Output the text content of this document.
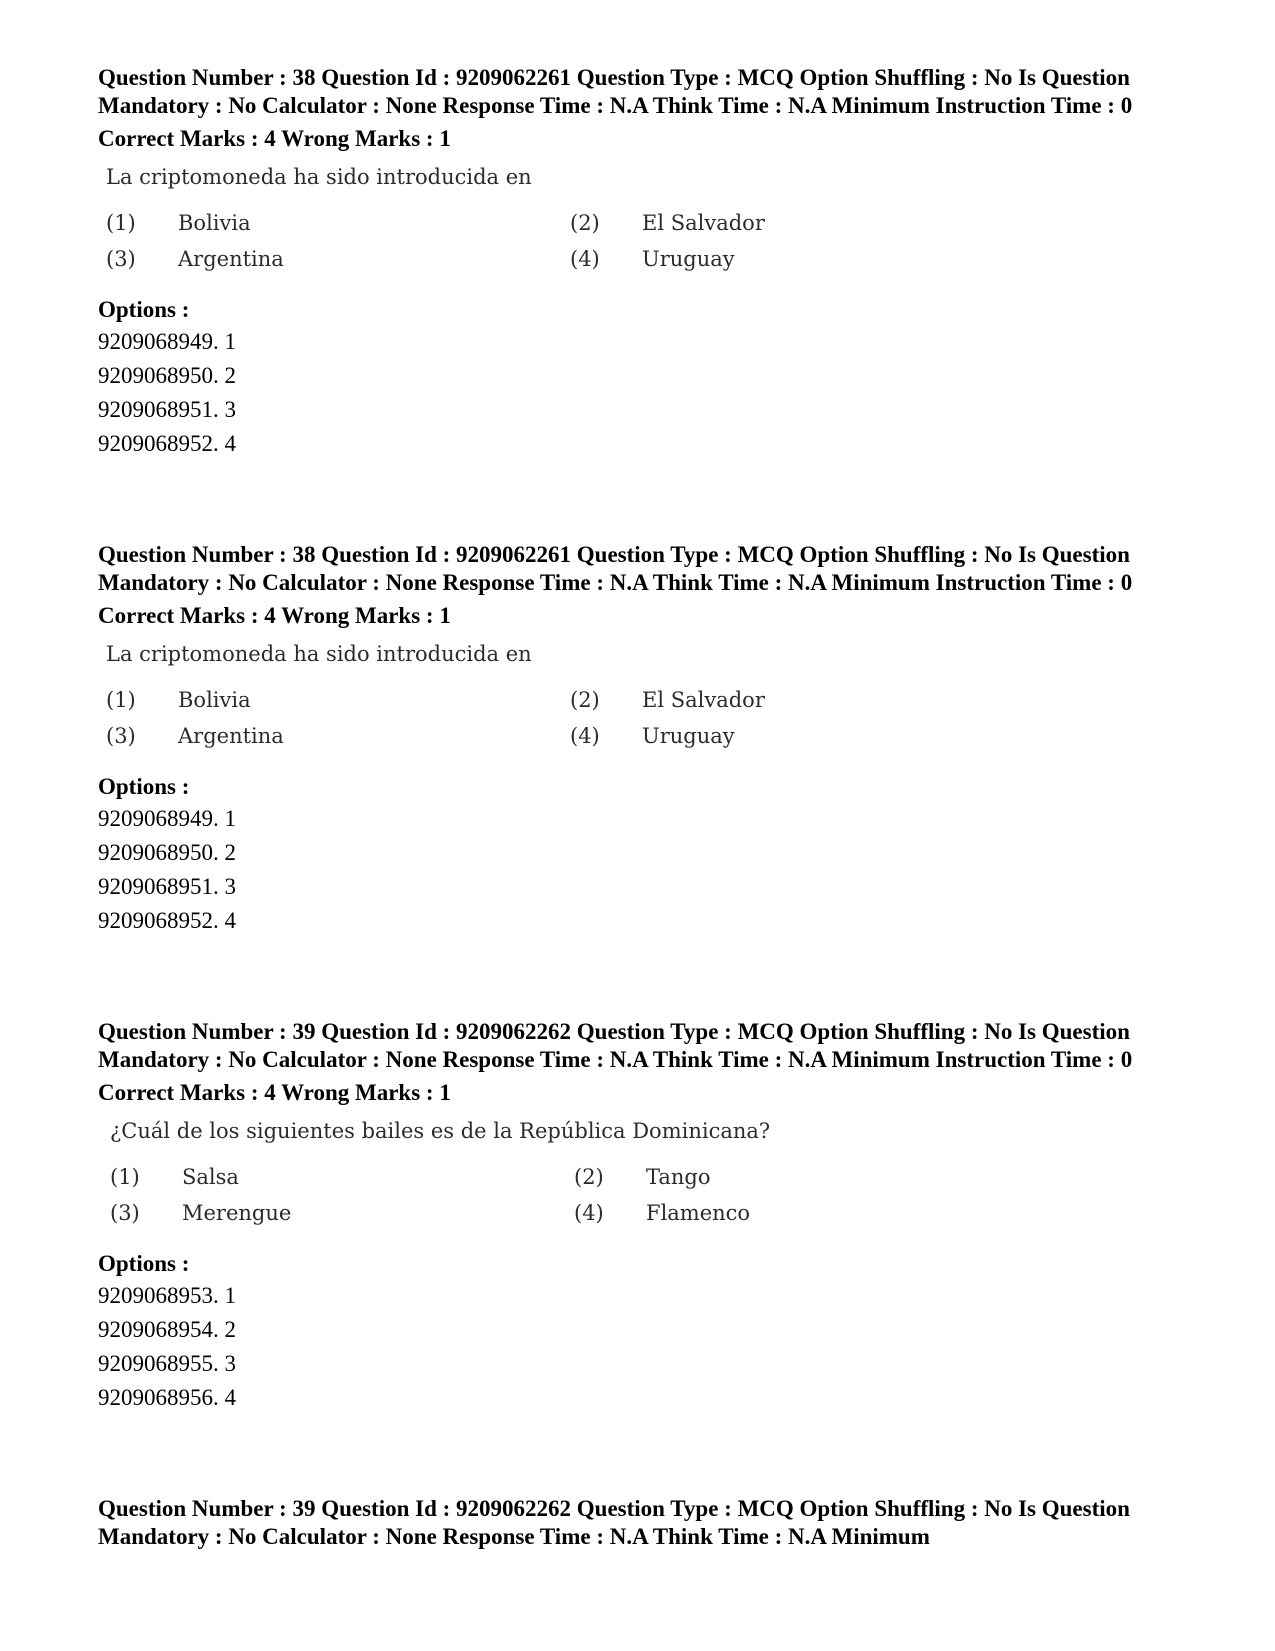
Question Number : 38 Question Id : 9209062261 Question Type : MCQ Option Shuffling : No Is Question Mandatory : No Calculator : None Response Time : N.A Think Time : N.A Minimum Instruction Time : 0

Correct Marks : 4 Wrong Marks : 1

La criptomoneda ha sido introducida en
(1) Bolivia	(2) El Salvador
(3) Argentina	(4) Uruguay

Options :

9209068949. 1

9209068950. 2

9209068951. 3

9209068952. 4

Question Number : 38 Question Id : 9209062261 Question Type : MCQ Option Shuffling : No Is Question Mandatory : No Calculator : None Response Time : N.A Think Time : N.A Minimum Instruction Time : 0

Correct Marks : 4 Wrong Marks : 1

La criptomoneda ha sido introducida en
(1) Bolivia	(2) El Salvador
(3) Argentina	(4) Uruguay

Options :

9209068949. 1

9209068950. 2

9209068951. 3

9209068952. 4

Question Number : 39 Question Id : 9209062262 Question Type : MCQ Option Shuffling : No Is Question Mandatory : No Calculator : None Response Time : N.A Think Time : N.A Minimum Instruction Time : 0

Correct Marks : 4 Wrong Marks : 1

¿Cuál de los siguientes bailes es de la República Dominicana?
(1) Salsa	(2) Tango
(3) Merengue	(4) Flamenco

Options :

9209068953. 1

9209068954. 2

9209068955. 3

9209068956. 4

Question Number : 39 Question Id : 9209062262 Question Type : MCQ Option Shuffling : No Is Question Mandatory : No Calculator : None Response Time : N.A Think Time : N.A Minimum
